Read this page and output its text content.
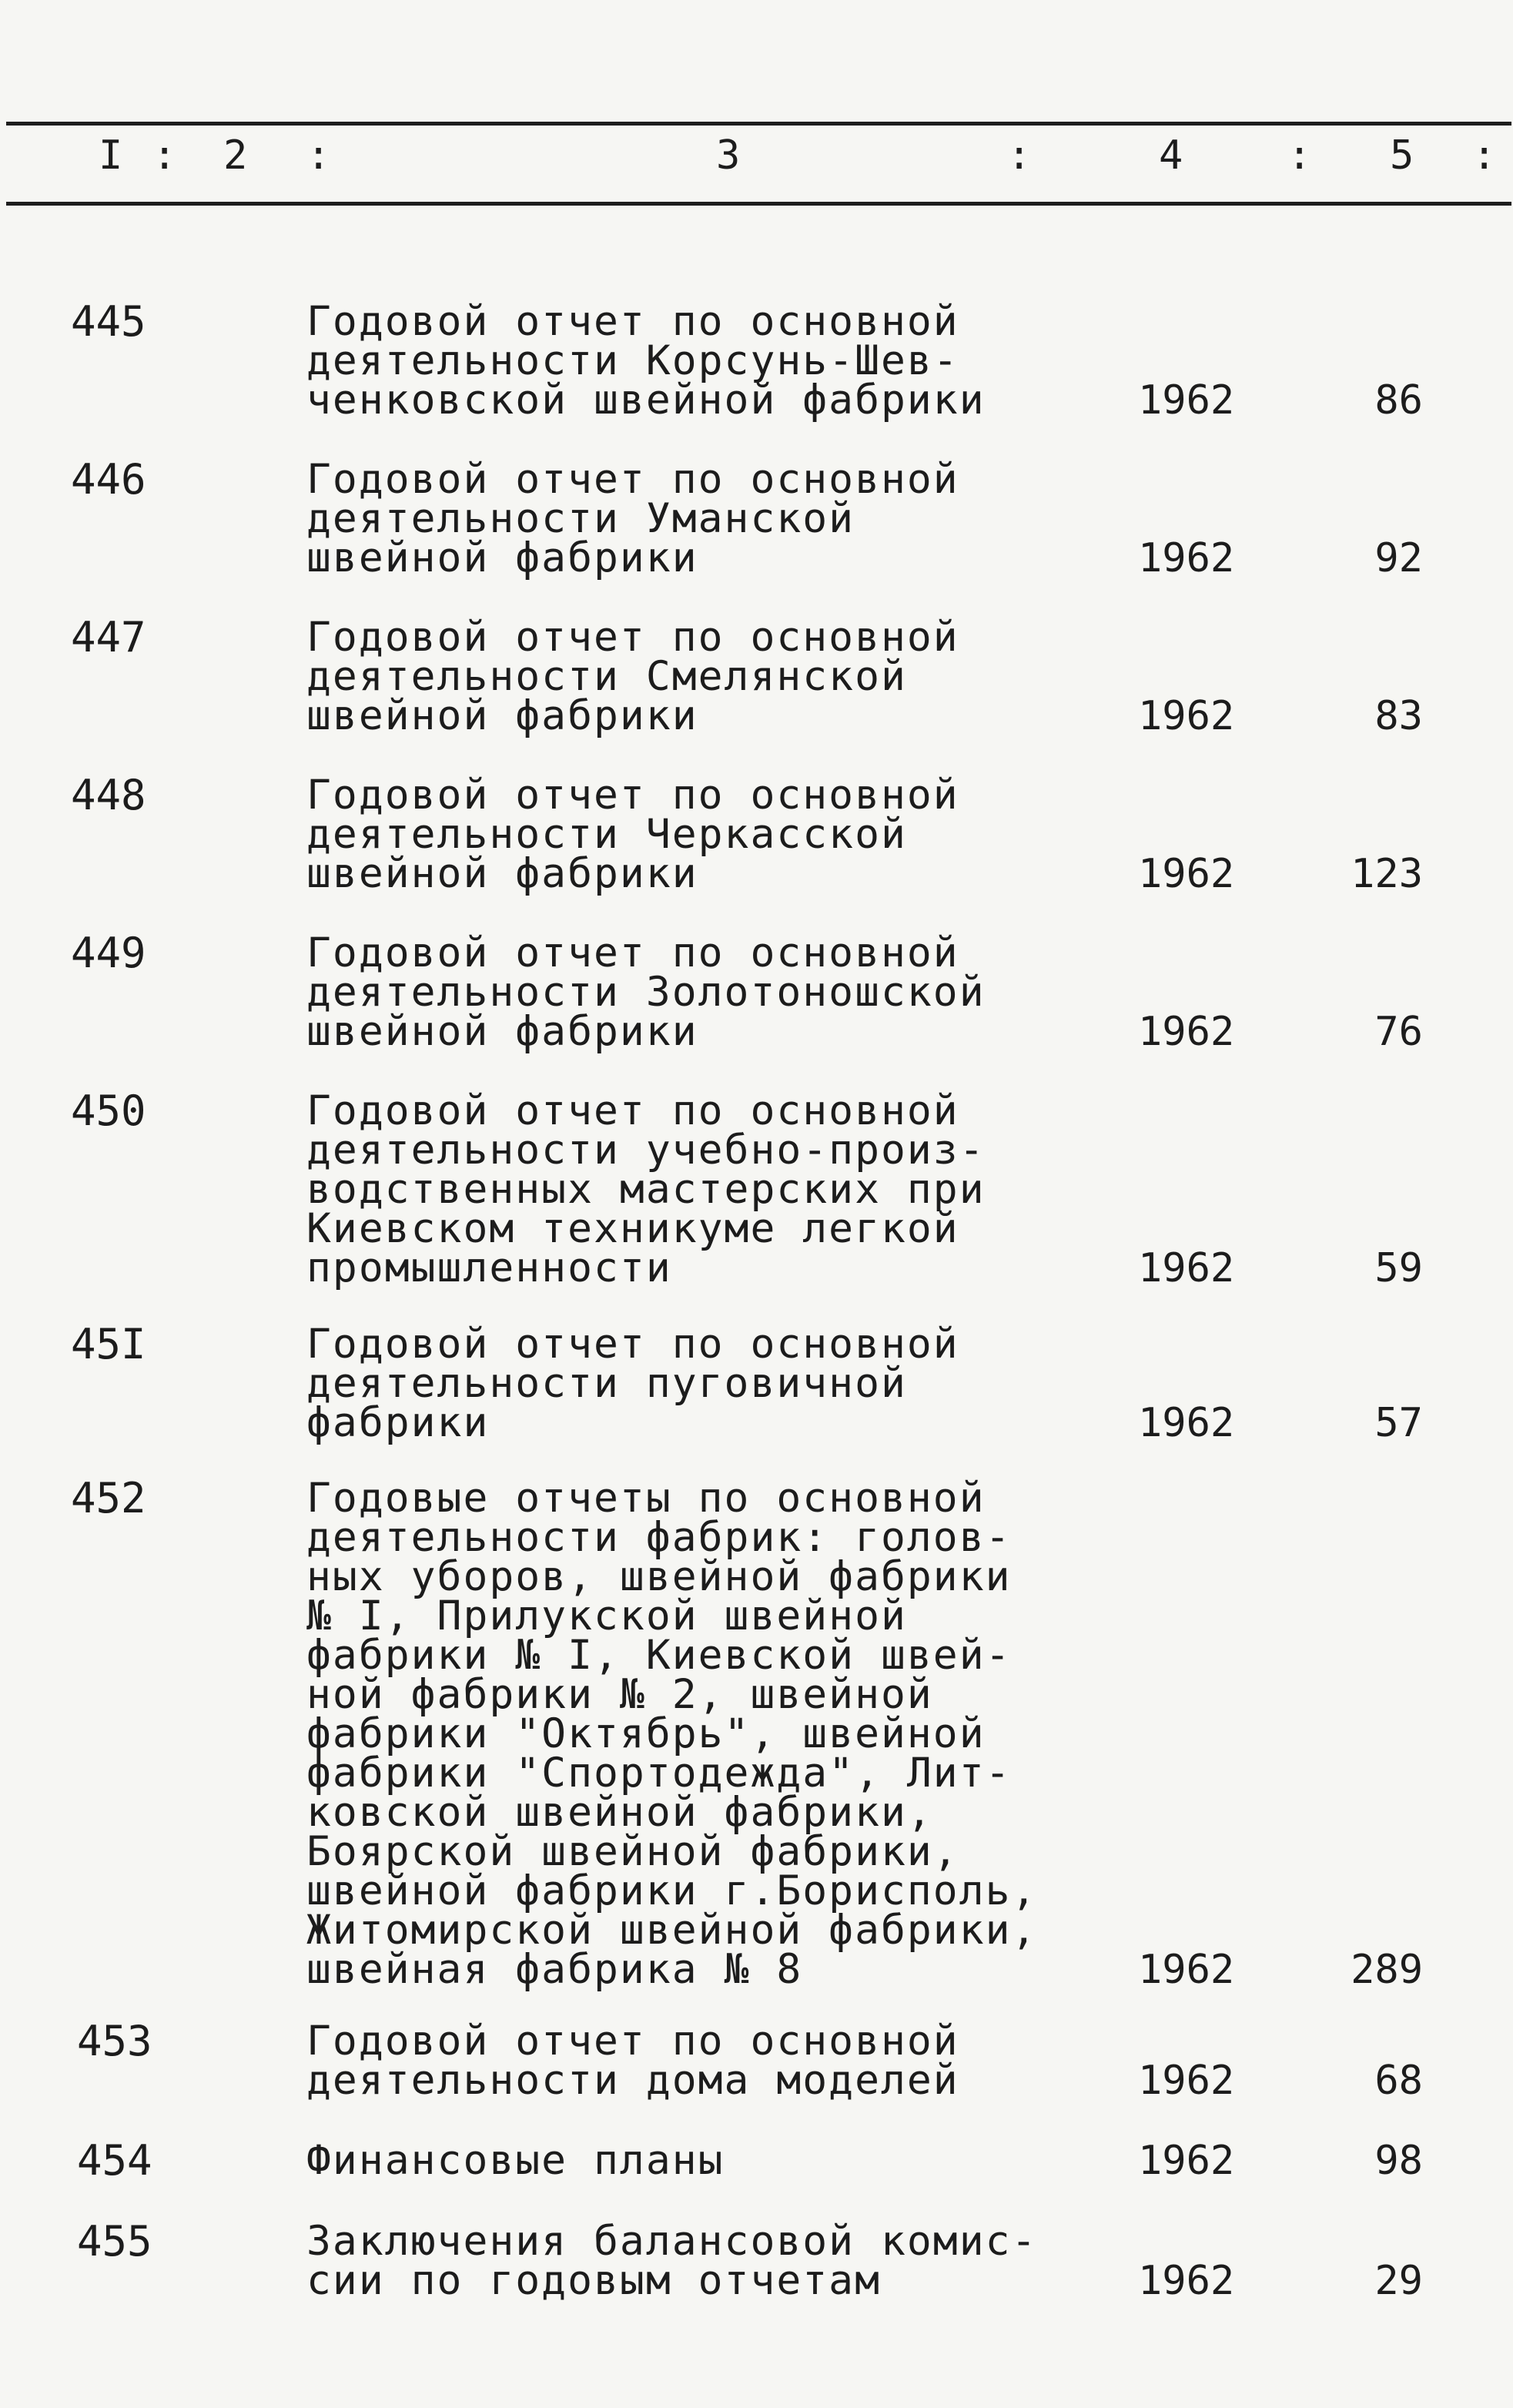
I : 2 :	3	:	4	: 5 :
445	Годовой отчет по основной
деятельности Корсунь-Шев-
ченковской швейной фабрики	1962	86
446	Годовой отчет по основной
деятельности Уманской
швейной фабрики	1962	92
447	Годовой отчет по основной
деятельности Смелянской
швейной фабрики	1962	83
448	Годовой отчет по основной
деятельности Черкасской
швейной фабрики	1962	123
449	Годовой отчет по основной
деятельности Золотоношской
швейной фабрики	1962	76
450	Годовой отчет по основной
деятельности учебно-произ-
водственных мастерских при
Киевском техникуме легкой
промышленности	1962	59
45I	Годовой отчет по основной
деятельности пуговичной
фабрики	1962	57
452	Годовые отчеты по основной
деятельности фабрик: голов-
ных уборов, швейной фабрики
№ I, Прилукской швейной
фабрики № I, Киевской швей-
ной фабрики № 2, швейной
фабрики "Октябрь", швейной
фабрики "Спортодежда", Лит-
ковской швейной фабрики,
Боярской швейной фабрики,
швейной фабрики г.Борисполь,
Житомирской швейной фабрики,
швейная фабрика № 8	1962	289
453	Годовой отчет по основной
деятельности дома моделей	1962	68
454	Финансовые планы	1962	98
455	Заключения балансовой комис-
сии по годовым отчетам	1962	29
